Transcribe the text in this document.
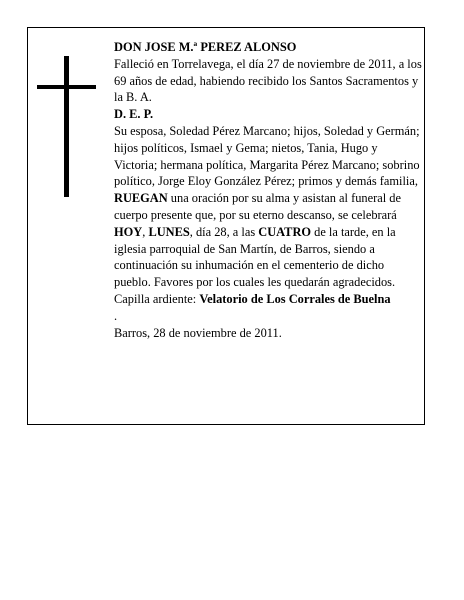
DON JOSE M.ª PEREZ ALONSO

Falleció en Torrelavega, el día 27 de noviembre de 2011, a los 69 años de edad, habiendo recibido los Santos Sacramentos y la B. A.

D. E. P.

Su esposa, Soledad Pérez Marcano; hijos, Soledad y Germán; hijos políticos, Ismael y Gema; nietos, Tania, Hugo y Victoria; hermana política, Margarita Pérez Marcano; sobrino político, Jorge Eloy González Pérez; primos y demás familia,

RUEGAN una oración por su alma y asistan al funeral de cuerpo presente que, por su eterno descanso, se celebrará HOY, LUNES, día 28, a las CUATRO de la tarde, en la iglesia parroquial de San Martín, de Barros, siendo a continuación su inhumación en el cementerio de dicho pueblo. Favores por los cuales les quedarán agradecidos.

Capilla ardiente: Velatorio de Los Corrales de Buelna

.

Barros, 28 de noviembre de 2011.
